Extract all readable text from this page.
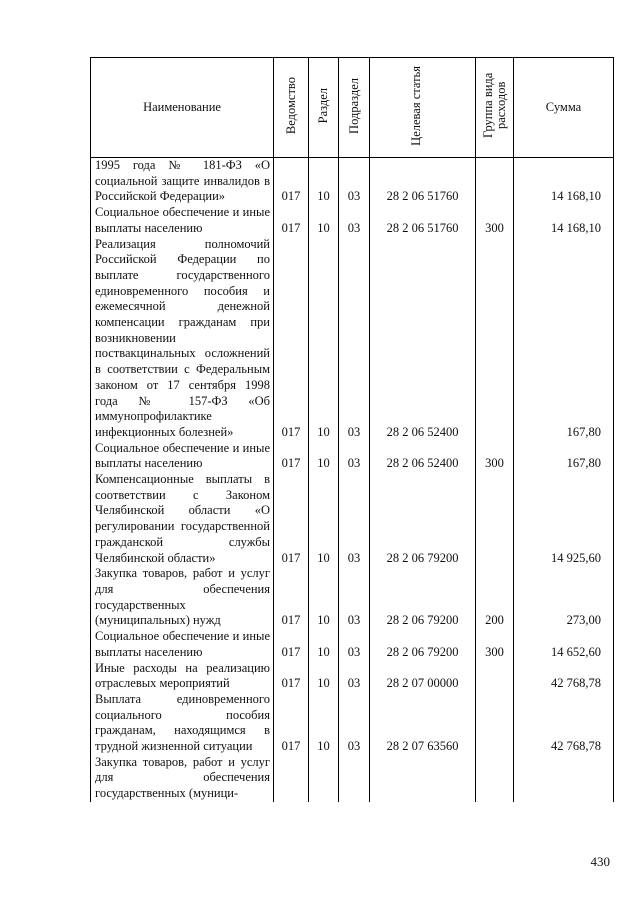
Наименование	Ведомство	Раздел	Подраздел	Целевая статья	Группа вида расходов	Сумма
1995 года № 181-ФЗ «О социальной защите инвалидов в Российской Федерации»	017	10	03	28 2 06 51760		14 168,10
Социальное обеспечение и иные выплаты населению	017	10	03	28 2 06 51760	300	14 168,10
Реализация полномочий Российской Федерации по выплате государственного единовременного пособия и ежемесячной денежной компенсации гражданам при возникновении поствакцинальных осложнений в соответствии с Федеральным законом от 17 сентября 1998 года № 157-ФЗ «Об иммунопрофилактике инфекционных болезней»	017	10	03	28 2 06 52400		167,80
Социальное обеспечение и иные выплаты населению	017	10	03	28 2 06 52400	300	167,80
Компенсационные выплаты в соответствии с Законом Челябинской области «О регулировании государственной гражданской службы Челябинской области»	017	10	03	28 2 06 79200		14 925,60
Закупка товаров, работ и услуг для обеспечения государственных (муниципальных) нужд	017	10	03	28 2 06 79200	200	273,00
Социальное обеспечение и иные выплаты населению	017	10	03	28 2 06 79200	300	14 652,60
Иные расходы на реализацию отраслевых мероприятий	017	10	03	28 2 07 00000		42 768,78
Выплата единовременного социального пособия гражданам, находящимся в трудной жизненной ситуации	017	10	03	28 2 07 63560		42 768,78
Закупка товаров, работ и услуг для обеспечения государственных (муници-						
430
